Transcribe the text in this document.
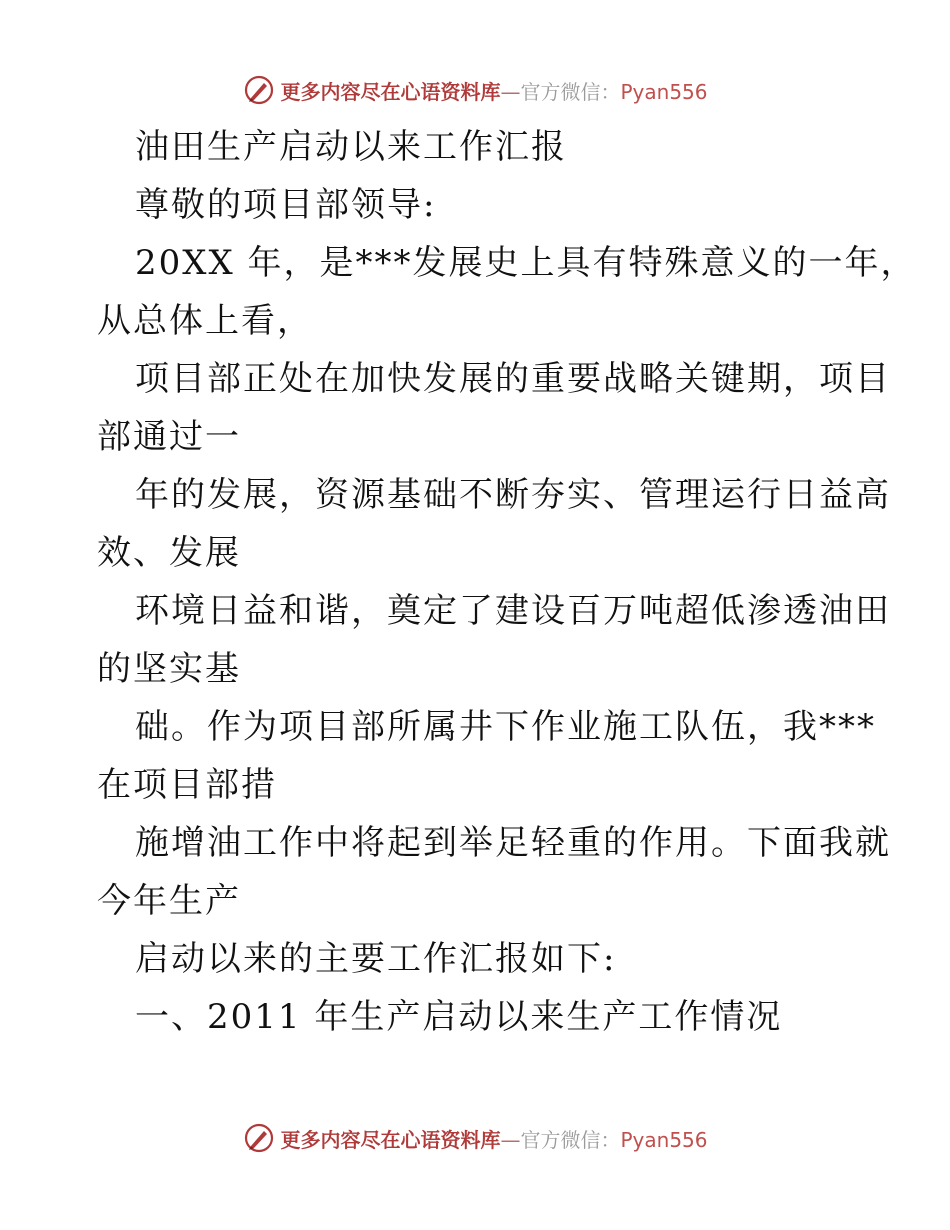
更多内容尽在心语资料库—官方微信：Pyan556
油田生产启动以来工作汇报
尊敬的项目部领导:
20XX 年，是***发展史上具有特殊意义的一年，
从总体上看，
项目部正处在加快发展的重要战略关键期，项目
部通过一
年的发展，资源基础不断夯实、管理运行日益高
效、发展
环境日益和谐，奠定了建设百万吨超低渗透油田
的坚实基
础。作为项目部所属井下作业施工队伍，我***
在项目部措
施增油工作中将起到举足轻重的作用。下面我就
今年生产
启动以来的主要工作汇报如下:
一、2011 年生产启动以来生产工作情况
更多内容尽在心语资料库—官方微信：Pyan556
